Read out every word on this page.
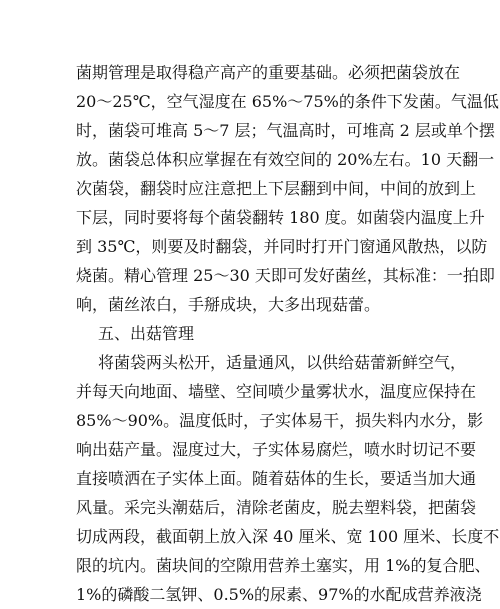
菌期管理是取得稳产高产的重要基础。必须把菌袋放在
20～25℃，空气湿度在 65%～75%的条件下发菌。气温低
时，菌袋可堆高 5～7 层；气温高时，可堆高 2 层或单个摆
放。菌袋总体积应掌握在有效空间的 20%左右。10 天翻一
次菌袋，翻袋时应注意把上下层翻到中间，中间的放到上
下层，同时要将每个菌袋翻转 180 度。如菌袋内温度上升
到 35℃，则要及时翻袋，并同时打开门窗通风散热，以防
烧菌。精心管理 25～30 天即可发好菌丝，其标准：一拍即
响，菌丝浓白，手掰成块，大多出现菇蕾。
五、出菇管理
将菌袋两头松开，适量通风，以供给菇蕾新鲜空气，
并每天向地面、墙壁、空间喷少量雾状水，温度应保持在
85%～90%。温度低时，子实体易干，损失料内水分，影
响出菇产量。湿度过大，子实体易腐烂，喷水时切记不要
直接喷洒在子实体上面。随着菇体的生长，要适当加大通
风量。采完头潮菇后，清除老菌皮，脱去塑料袋，把菌袋
切成两段，截面朝上放入深 40 厘米、宽 100 厘米、长度不
限的坑内。菌块间的空隙用营养土塞实，用 1%的复合肥、
1%的磷酸二氢钾、0.5%的尿素、97%的水配成营养液浇
